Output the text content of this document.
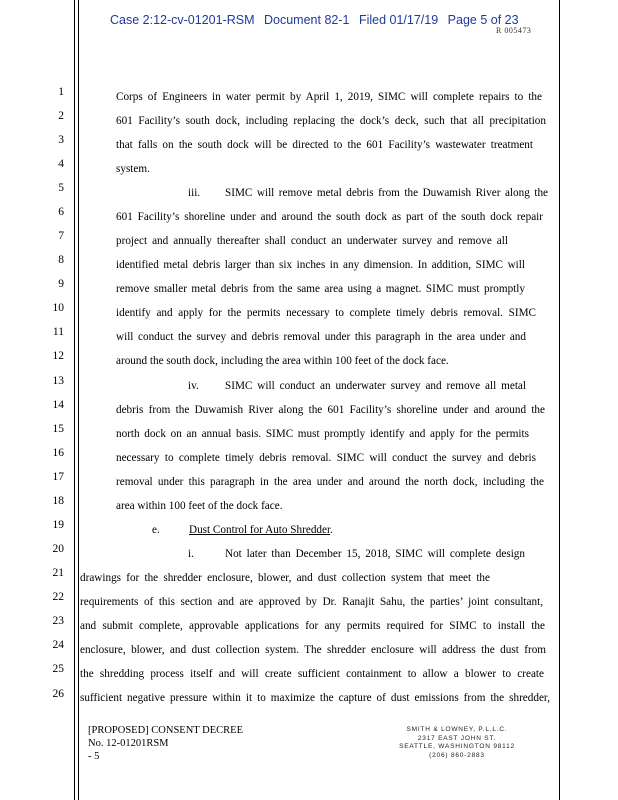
Case 2:12-cv-01201-RSM Document 82-1 Filed 01/17/19 Page 5 of 23
R 005473
1
2
3
4
5
6
7
8
9
10
11
12
13
14
15
16
17
18
19
20
21
22
23
24
25
26
Corps of Engineers in water permit by April 1, 2019, SIMC will complete repairs to the
601 Facility’s south dock, including replacing the dock’s deck, such that all precipitation
that falls on the south dock will be directed to the 601 Facility’s wastewater treatment
system.
iii. SIMC will remove metal debris from the Duwamish River along the
601 Facility’s shoreline under and around the south dock as part of the south dock repair
project and annually thereafter shall conduct an underwater survey and remove all
identified metal debris larger than six inches in any dimension. In addition, SIMC will
remove smaller metal debris from the same area using a magnet. SIMC must promptly
identify and apply for the permits necessary to complete timely debris removal. SIMC
will conduct the survey and debris removal under this paragraph in the area under and
around the south dock, including the area within 100 feet of the dock face.
iv. SIMC will conduct an underwater survey and remove all metal
debris from the Duwamish River along the 601 Facility’s shoreline under and around the
north dock on an annual basis. SIMC must promptly identify and apply for the permits
necessary to complete timely debris removal. SIMC will conduct the survey and debris
removal under this paragraph in the area under and around the north dock, including the
area within 100 feet of the dock face.
e.	Dust Control for Auto Shredder.
i.	Not later than December 15, 2018, SIMC will complete design
drawings for the shredder enclosure, blower, and dust collection system that meet the
requirements of this section and are approved by Dr. Ranajit Sahu, the parties’ joint consultant,
and submit complete, approvable applications for any permits required for SIMC to install the
enclosure, blower, and dust collection system. The shredder enclosure will address the dust from
the shredding process itself and will create sufficient containment to allow a blower to create
sufficient negative pressure within it to maximize the capture of dust emissions from the shredder,
[PROPOSED] CONSENT DECREE
No. 12-01201RSM
- 5
SMITH & LOWNEY, P.L.L.C.
2317 EAST JOHN ST.
SEATTLE, WASHINGTON 98112
(206) 860-2883
